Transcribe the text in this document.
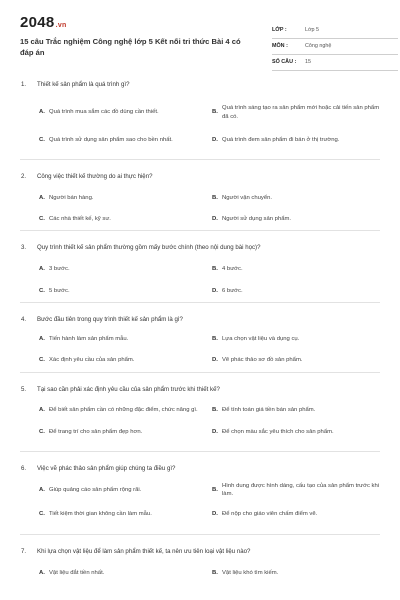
2048.vn
15 câu Trắc nghiệm Công nghệ lớp 5 Kết nối tri thức Bài 4 có đáp án
LỚP :	Lớp 5
MÔN :	Công nghệ
SỐ CÂU : 15
1.	Thiết kế sản phẩm là quá trình gì?
A. Quá trình mua sắm các đồ dùng cần thiết.	B.
Quá trình sáng tạo ra sản phẩm mới hoặc cải tiến sản phẩm đã có.
C. Quá trình sử dụng sản phẩm sao cho bền nhất.	D. Quá trình đem sản phẩm đi bán ở thị trường.
2.	Công việc thiết kế thường do ai thực hiện?
A. Người bán hàng.	B. Người vận chuyển.
C. Các nhà thiết kế, kỹ sư.	D. Người sử dụng sản phẩm.
3.	Quy trình thiết kế sản phẩm thường gồm mấy bước chính (theo nội dung bài học)?
A. 3 bước.	B. 4 bước.
C. 5 bước.	D. 6 bước.
4.	Bước đầu tiên trong quy trình thiết kế sản phẩm là gì?
A. Tiến hành làm sản phẩm mẫu.	B. Lựa chọn vật liệu và dụng cụ.
C. Xác định yêu cầu của sản phẩm.	D. Vẽ phác thảo sơ đồ sản phẩm.
5.	Tại sao cần phải xác định yêu cầu của sản phẩm trước khi thiết kế?
A. Để biết sản phẩm cần có những đặc điểm, chức năng gì.	B. Để tính toán giá tiền bán sản phẩm.
C. Để trang trí cho sản phẩm đẹp hơn.	D. Để chọn màu sắc yêu thích cho sản phẩm.
6.	Việc vẽ phác thảo sản phẩm giúp chúng ta điều gì?
A. Giúp quảng cáo sản phẩm rộng rãi.	B.
Hình dung được hình dáng, cấu tạo của sản phẩm trước khi làm.
C. Tiết kiệm thời gian không cần làm mẫu.	D. Để nộp cho giáo viên chấm điểm vẽ.
7.	Khi lựa chọn vật liệu để làm sản phẩm thiết kế, ta nên ưu tiên loại vật liệu nào?
A. Vật liệu đắt tiền nhất.	B. Vật liệu khó tìm kiếm.
